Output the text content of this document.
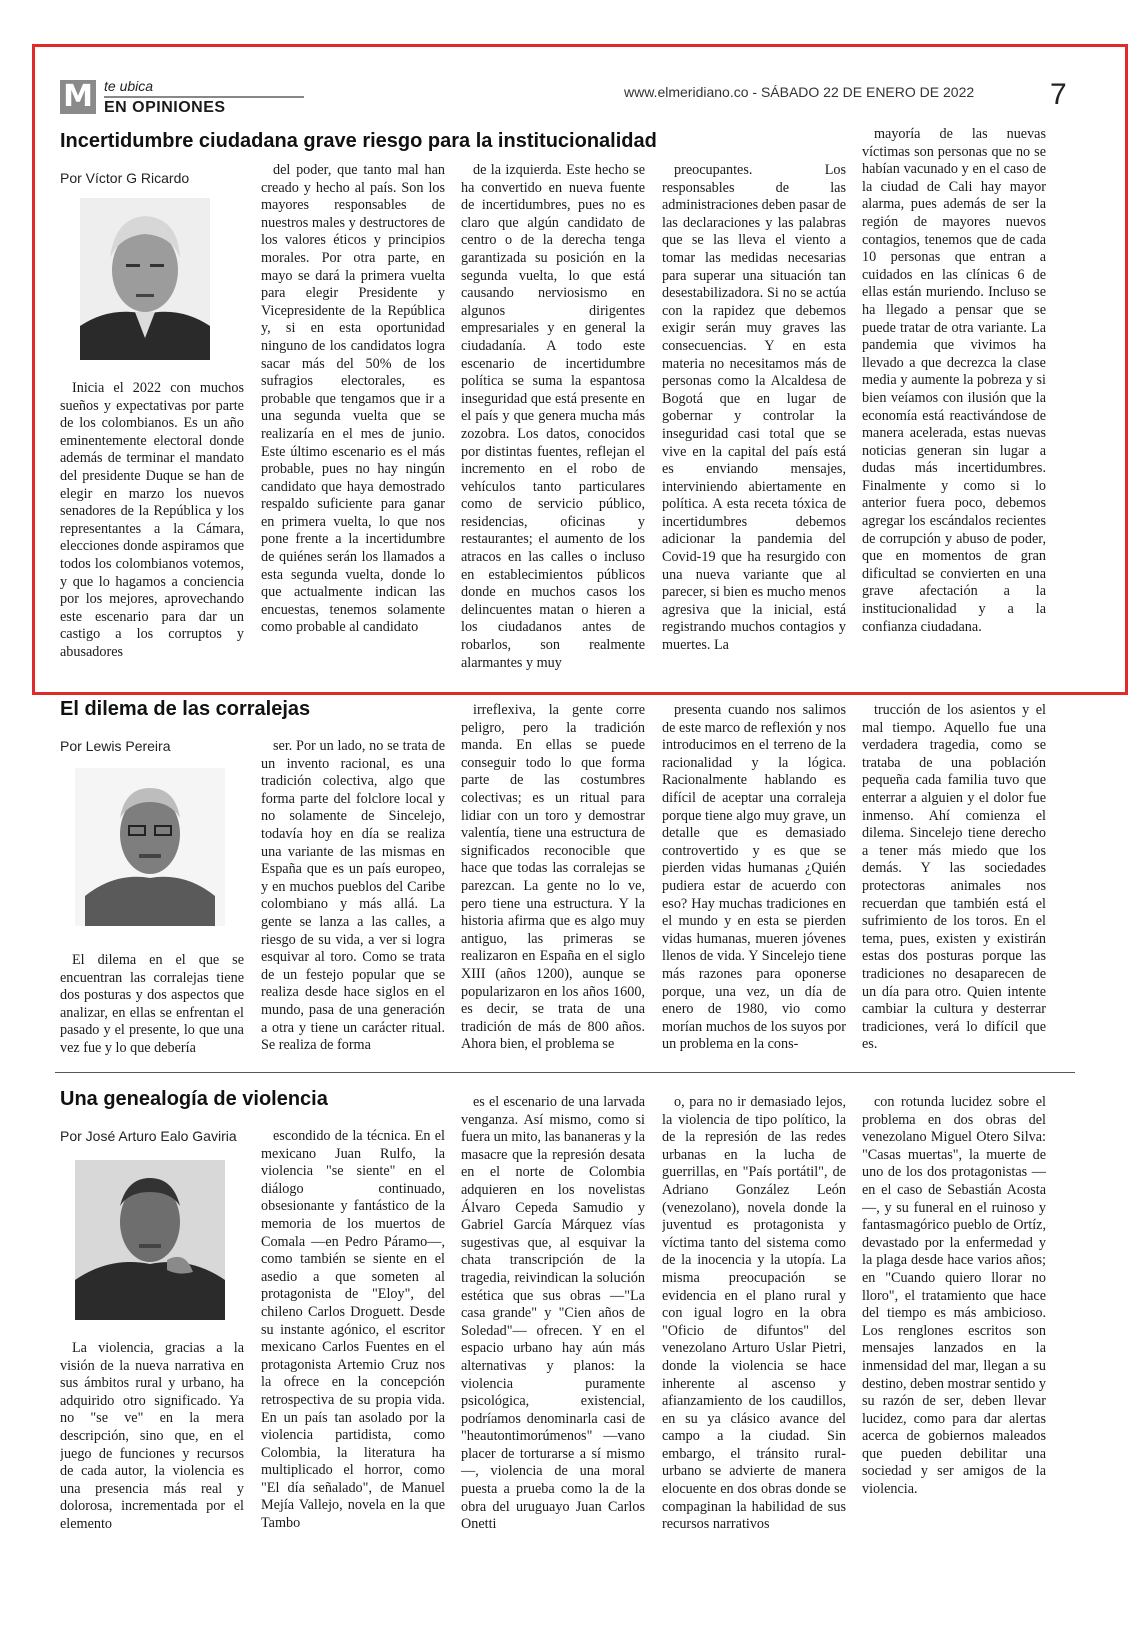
M te ubica
EN OPINIONES
www.elmeridiano.co - SÁBADO 22 DE ENERO DE 2022	7
Incertidumbre ciudadana grave riesgo para la institucionalidad
Por Víctor G Ricardo
Inicia el 2022 con muchos sueños y expectativas por parte de los colombianos. Es un año eminentemente electoral donde además de terminar el mandato del presidente Duque se han de elegir en marzo los nuevos senadores de la República y los representantes a la Cámara, elecciones donde aspiramos que todos los colombianos votemos, y que lo hagamos a conciencia por los mejores, aprovechando este escenario para dar un castigo a los corruptos y abusadores
del poder, que tanto mal han creado y hecho al país. Son los mayores responsables de nuestros males y destructores de los valores éticos y principios morales. Por otra parte, en mayo se dará la primera vuelta para elegir Presidente y Vicepresidente de la República y, si en esta oportunidad ninguno de los candidatos logra sacar más del 50% de los sufragios electorales, es probable que tengamos que ir a una segunda vuelta que se realizaría en el mes de junio. Este último escenario es el más probable, pues no hay ningún candidato que haya demostrado respaldo suficiente para ganar en primera vuelta, lo que nos pone frente a la incertidumbre de quiénes serán los llamados a esta segunda vuelta, donde lo que actualmente indican las encuestas, tenemos solamente como probable al candidato
de la izquierda. Este hecho se ha convertido en nueva fuente de incertidumbres, pues no es claro que algún candidato de centro o de la derecha tenga garantizada su posición en la segunda vuelta, lo que está causando nerviosismo en algunos dirigentes empresariales y en general la ciudadanía. A todo este escenario de incertidumbre política se suma la espantosa inseguridad que está presente en el país y que genera mucha más zozobra. Los datos, conocidos por distintas fuentes, reflejan el incremento en el robo de vehículos tanto particulares como de servicio público, residencias, oficinas y restaurantes; el aumento de los atracos en las calles o incluso en establecimientos públicos donde en muchos casos los delincuentes matan o hieren a los ciudadanos antes de robarlos, son realmente alarmantes y muy
preocupantes. Los responsables de las administraciones deben pasar de las declaraciones y las palabras que se las lleva el viento a tomar las medidas necesarias para superar una situación tan desestabilizadora. Si no se actúa con la rapidez que debemos exigir serán muy graves las consecuencias. Y en esta materia no necesitamos más de personas como la Alcaldesa de Bogotá que en lugar de gobernar y controlar la inseguridad casi total que se vive en la capital del país está es enviando mensajes, interviniendo abiertamente en política. A esta receta tóxica de incertidumbres debemos adicionar la pandemia del Covid-19 que ha resurgido con una nueva variante que al parecer, si bien es mucho menos agresiva que la inicial, está registrando muchos contagios y muertes. La
mayoría de las nuevas víctimas son personas que no se habían vacunado y en el caso de la ciudad de Cali hay mayor alarma, pues además de ser la región de mayores nuevos contagios, tenemos que de cada 10 personas que entran a cuidados en las clínicas 6 de ellas están muriendo. Incluso se ha llegado a pensar que se puede tratar de otra variante. La pandemia que vivimos ha llevado a que decrezca la clase media y aumente la pobreza y si bien veíamos con ilusión que la economía está reactivándose de manera acelerada, estas nuevas noticias generan sin lugar a dudas más incertidumbres. Finalmente y como si lo anterior fuera poco, debemos agregar los escándalos recientes de corrupción y abuso de poder, que en momentos de gran dificultad se convierten en una grave afectación a la institucionalidad y a la confianza ciudadana.
El dilema de las corralejas
Por Lewis Pereira
El dilema en el que se encuentran las corralejas tiene dos posturas y dos aspectos que analizar, en ellas se enfrentan el pasado y el presente, lo que una vez fue y lo que debería
ser. Por un lado, no se trata de un invento racional, es una tradición colectiva, algo que forma parte del folclore local y no solamente de Sincelejo, todavía hoy en día se realiza una variante de las mismas en España que es un país europeo, y en muchos pueblos del Caribe colombiano y más allá. La gente se lanza a las calles, a riesgo de su vida, a ver si logra esquivar al toro. Como se trata de un festejo popular que se realiza desde hace siglos en el mundo, pasa de una generación a otra y tiene un carácter ritual. Se realiza de forma
irreflexiva, la gente corre peligro, pero la tradición manda. En ellas se puede conseguir todo lo que forma parte de las costumbres colectivas; es un ritual para lidiar con un toro y demostrar valentía, tiene una estructura de significados reconocible que hace que todas las corralejas se parezcan. La gente no lo ve, pero tiene una estructura. Y la historia afirma que es algo muy antiguo, las primeras se realizaron en España en el siglo XIII (años 1200), aunque se popularizaron en los años 1600, es decir, se trata de una tradición de más de 800 años. Ahora bien, el problema se
presenta cuando nos salimos de este marco de reflexión y nos introducimos en el terreno de la racionalidad y la lógica. Racionalmente hablando es difícil de aceptar una corraleja porque tiene algo muy grave, un detalle que es demasiado controvertido y es que se pierden vidas humanas ¿Quién pudiera estar de acuerdo con eso? Hay muchas tradiciones en el mundo y en esta se pierden vidas humanas, mueren jóvenes llenos de vida. Y Sincelejo tiene más razones para oponerse porque, una vez, un día de enero de 1980, vio como morían muchos de los suyos por un problema en la cons-
trucción de los asientos y el mal tiempo. Aquello fue una verdadera tragedia, como se trataba de una población pequeña cada familia tuvo que enterrar a alguien y el dolor fue inmenso. Ahí comienza el dilema. Sincelejo tiene derecho a tener más miedo que los demás. Y las sociedades protectoras animales nos recuerdan que también está el sufrimiento de los toros. En el tema, pues, existen y existirán estas dos posturas porque las tradiciones no desaparecen de un día para otro. Quien intente cambiar la cultura y desterrar tradiciones, verá lo difícil que es.
Una genealogía de violencia
Por José Arturo Ealo Gaviria
La violencia, gracias a la visión de la nueva narrativa en sus ámbitos rural y urbano, ha adquirido otro significado. Ya no "se ve" en la mera descripción, sino que, en el juego de funciones y recursos de cada autor, la violencia es una presencia más real y dolorosa, incrementada por el elemento
escondido de la técnica. En el mexicano Juan Rulfo, la violencia "se siente" en el diálogo continuado, obsesionante y fantástico de la memoria de los muertos de Comala —en Pedro Páramo—, como también se siente en el asedio a que someten al protagonista de "Eloy", del chileno Carlos Droguett. Desde su instante agónico, el escritor mexicano Carlos Fuentes en el protagonista Artemio Cruz nos la ofrece en la concepción retrospectiva de su propia vida. En un país tan asolado por la violencia partidista, como Colombia, la literatura ha multiplicado el horror, como "El día señalado", de Manuel Mejía Vallejo, novela en la que Tambo
es el escenario de una larvada venganza. Así mismo, como si fuera un mito, las bananeras y la masacre que la represión desata en el norte de Colombia adquieren en los novelistas Álvaro Cepeda Samudio y Gabriel García Márquez vías sugestivas que, al esquivar la chata transcripción de la tragedia, reivindican la solución estética que sus obras —"La casa grande" y "Cien años de Soledad"— ofrecen. Y en el espacio urbano hay aún más alternativas y planos: la violencia puramente psicológica, existencial, podríamos denominarla casi de "heautontimorúmenos" —vano placer de torturarse a sí mismo—, violencia de una moral puesta a prueba como la de la obra del uruguayo Juan Carlos Onetti
o, para no ir demasiado lejos, la violencia de tipo político, la de la represión de las redes urbanas en la lucha de guerrillas, en "País portátil", de Adriano González León (venezolano), novela donde la juventud es protagonista y víctima tanto del sistema como de la inocencia y la utopía. La misma preocupación se evidencia en el plano rural y con igual logro en la obra "Oficio de difuntos" del venezolano Arturo Uslar Pietri, donde la violencia se hace inherente al ascenso y afianzamiento de los caudillos, en su ya clásico avance del campo a la ciudad. Sin embargo, el tránsito rural-urbano se advierte de manera elocuente en dos obras donde se compaginan la habilidad de sus recursos narrativos
con rotunda lucidez sobre el problema en dos obras del venezolano Miguel Otero Silva: "Casas muertas", la muerte de uno de los dos protagonistas —en el caso de Sebastián Acosta—, y su funeral en el ruinoso y fantasmagórico pueblo de Ortíz, devastado por la enfermedad y la plaga desde hace varios años; en "Cuando quiero llorar no lloro", el tratamiento que hace del tiempo es más ambicioso. Los renglones escritos son mensajes lanzados en la inmensidad del mar, llegan a su destino, deben mostrar sentido y su razón de ser, deben llevar lucidez, como para dar alertas acerca de gobiernos maleados que pueden debilitar una sociedad y ser amigos de la violencia.
